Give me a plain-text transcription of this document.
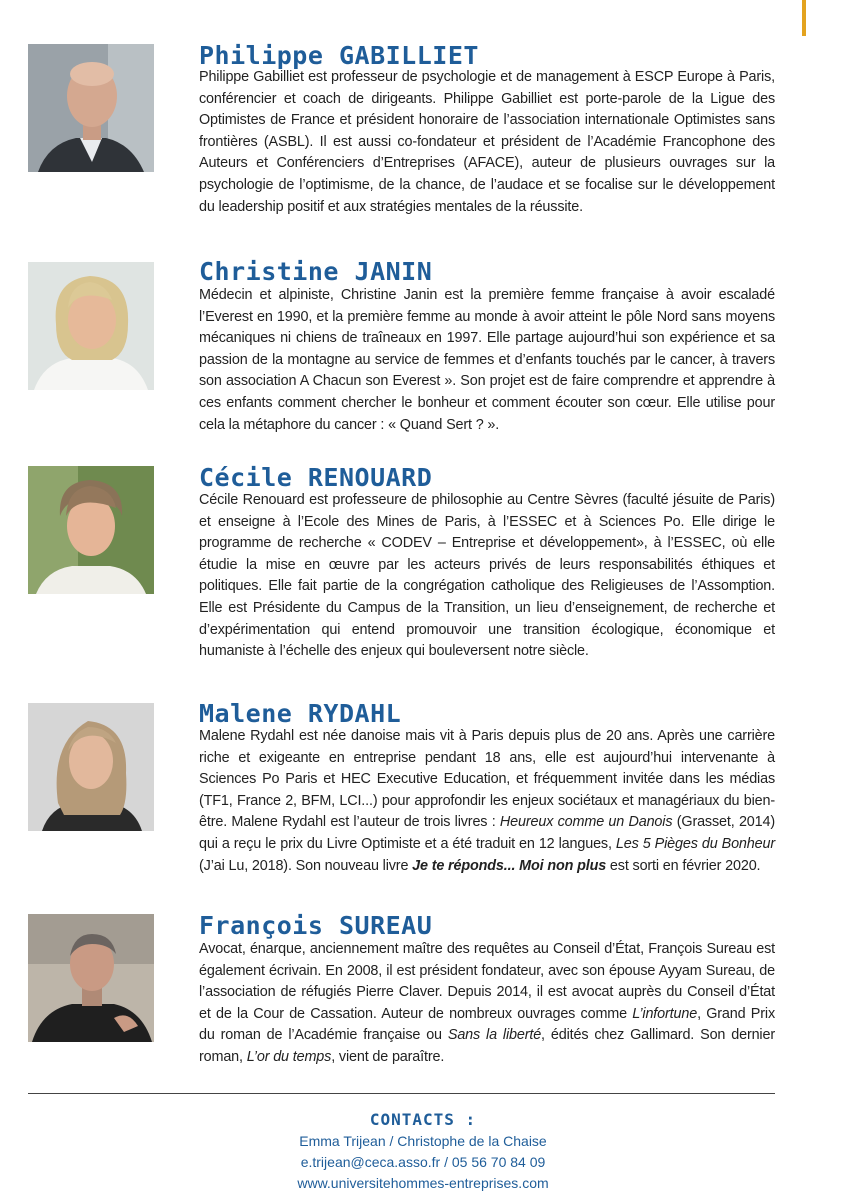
Philippe GABILLIET

Philippe Gabilliet est professeur de psychologie et de management à ESCP Europe à Paris, conférencier et coach de dirigeants. Philippe Gabilliet est porte-parole de la Ligue des Optimistes de France et président honoraire de l’association internationale Optimistes sans frontières (ASBL). Il est aussi co-fondateur et président de l’Académie Francophone des Auteurs et Conférenciers d’Entreprises (AFACE), auteur de plusieurs ouvrages sur la psychologie de l’optimisme, de la chance, de l’audace et se focalise sur le développement du leadership positif et aux stratégies mentales de la réussite.

Christine JANIN

Médecin et alpiniste, Christine Janin est la première femme française à avoir escaladé l’Everest en 1990, et la première femme au monde à avoir atteint le pôle Nord sans moyens mécaniques ni chiens de traîneaux en 1997. Elle partage aujourd’hui son expérience et sa passion de la montagne au service de femmes et d’enfants touchés par le cancer, à travers son association A Chacun son Everest ». Son projet est de faire comprendre et apprendre à ces enfants comment chercher le bonheur et comment écouter son cœur. Elle utilise pour cela la métaphore du cancer : « Quand Sert ? ».

Cécile RENOUARD

Cécile Renouard est professeure de philosophie au Centre Sèvres (faculté jésuite de Paris) et enseigne à l’Ecole des Mines de Paris, à l’ESSEC et à Sciences Po. Elle dirige le programme de recherche « CODEV – Entreprise et développement», à l’ESSEC, où elle étudie la mise en œuvre par les acteurs privés de leurs responsabilités éthiques et politiques. Elle fait partie de la congrégation catholique des Religieuses de l’Assomption. Elle est Présidente du Campus de la Transition, un lieu d’enseignement, de recherche et d’expérimentation qui entend promouvoir une transition écologique, économique et humaniste à l’échelle des enjeux qui bouleversent notre siècle.

Malene RYDAHL

Malene Rydahl est née danoise mais vit à Paris depuis plus de 20 ans. Après une carrière riche et exigeante en entreprise pendant 18 ans, elle est aujourd’hui intervenante à Sciences Po Paris et HEC Executive Education, et fréquemment invitée dans les médias (TF1, France 2, BFM, LCI...) pour approfondir les enjeux sociétaux et managériaux du bien-être. Malene Rydahl est l’auteur de trois livres : Heureux comme un Danois (Grasset, 2014) qui a reçu le prix du Livre Optimiste et a été traduit en 12 langues, Les 5 Pièges du Bonheur (J’ai Lu, 2018). Son nouveau livre Je te réponds... Moi non plus est sorti en février 2020.

François SUREAU

Avocat, énarque, anciennement maître des requêtes au Conseil d’État, François Sureau est également écrivain. En 2008, il est président fondateur, avec son épouse Ayyam Sureau, de l’association de réfugiés Pierre Claver. Depuis 2014, il est avocat auprès du Conseil d’État et de la Cour de Cassation. Auteur de nombreux ouvrages comme L’infortune, Grand Prix du roman de l’Académie française ou Sans la liberté, édités chez Gallimard. Son dernier roman, L’or du temps, vient de paraître.

CONTACTS :
Emma Trijean / Christophe de la Chaise
e.trijean@ceca.asso.fr / 05 56 70 84 09
www.universitehommes-entreprises.com
